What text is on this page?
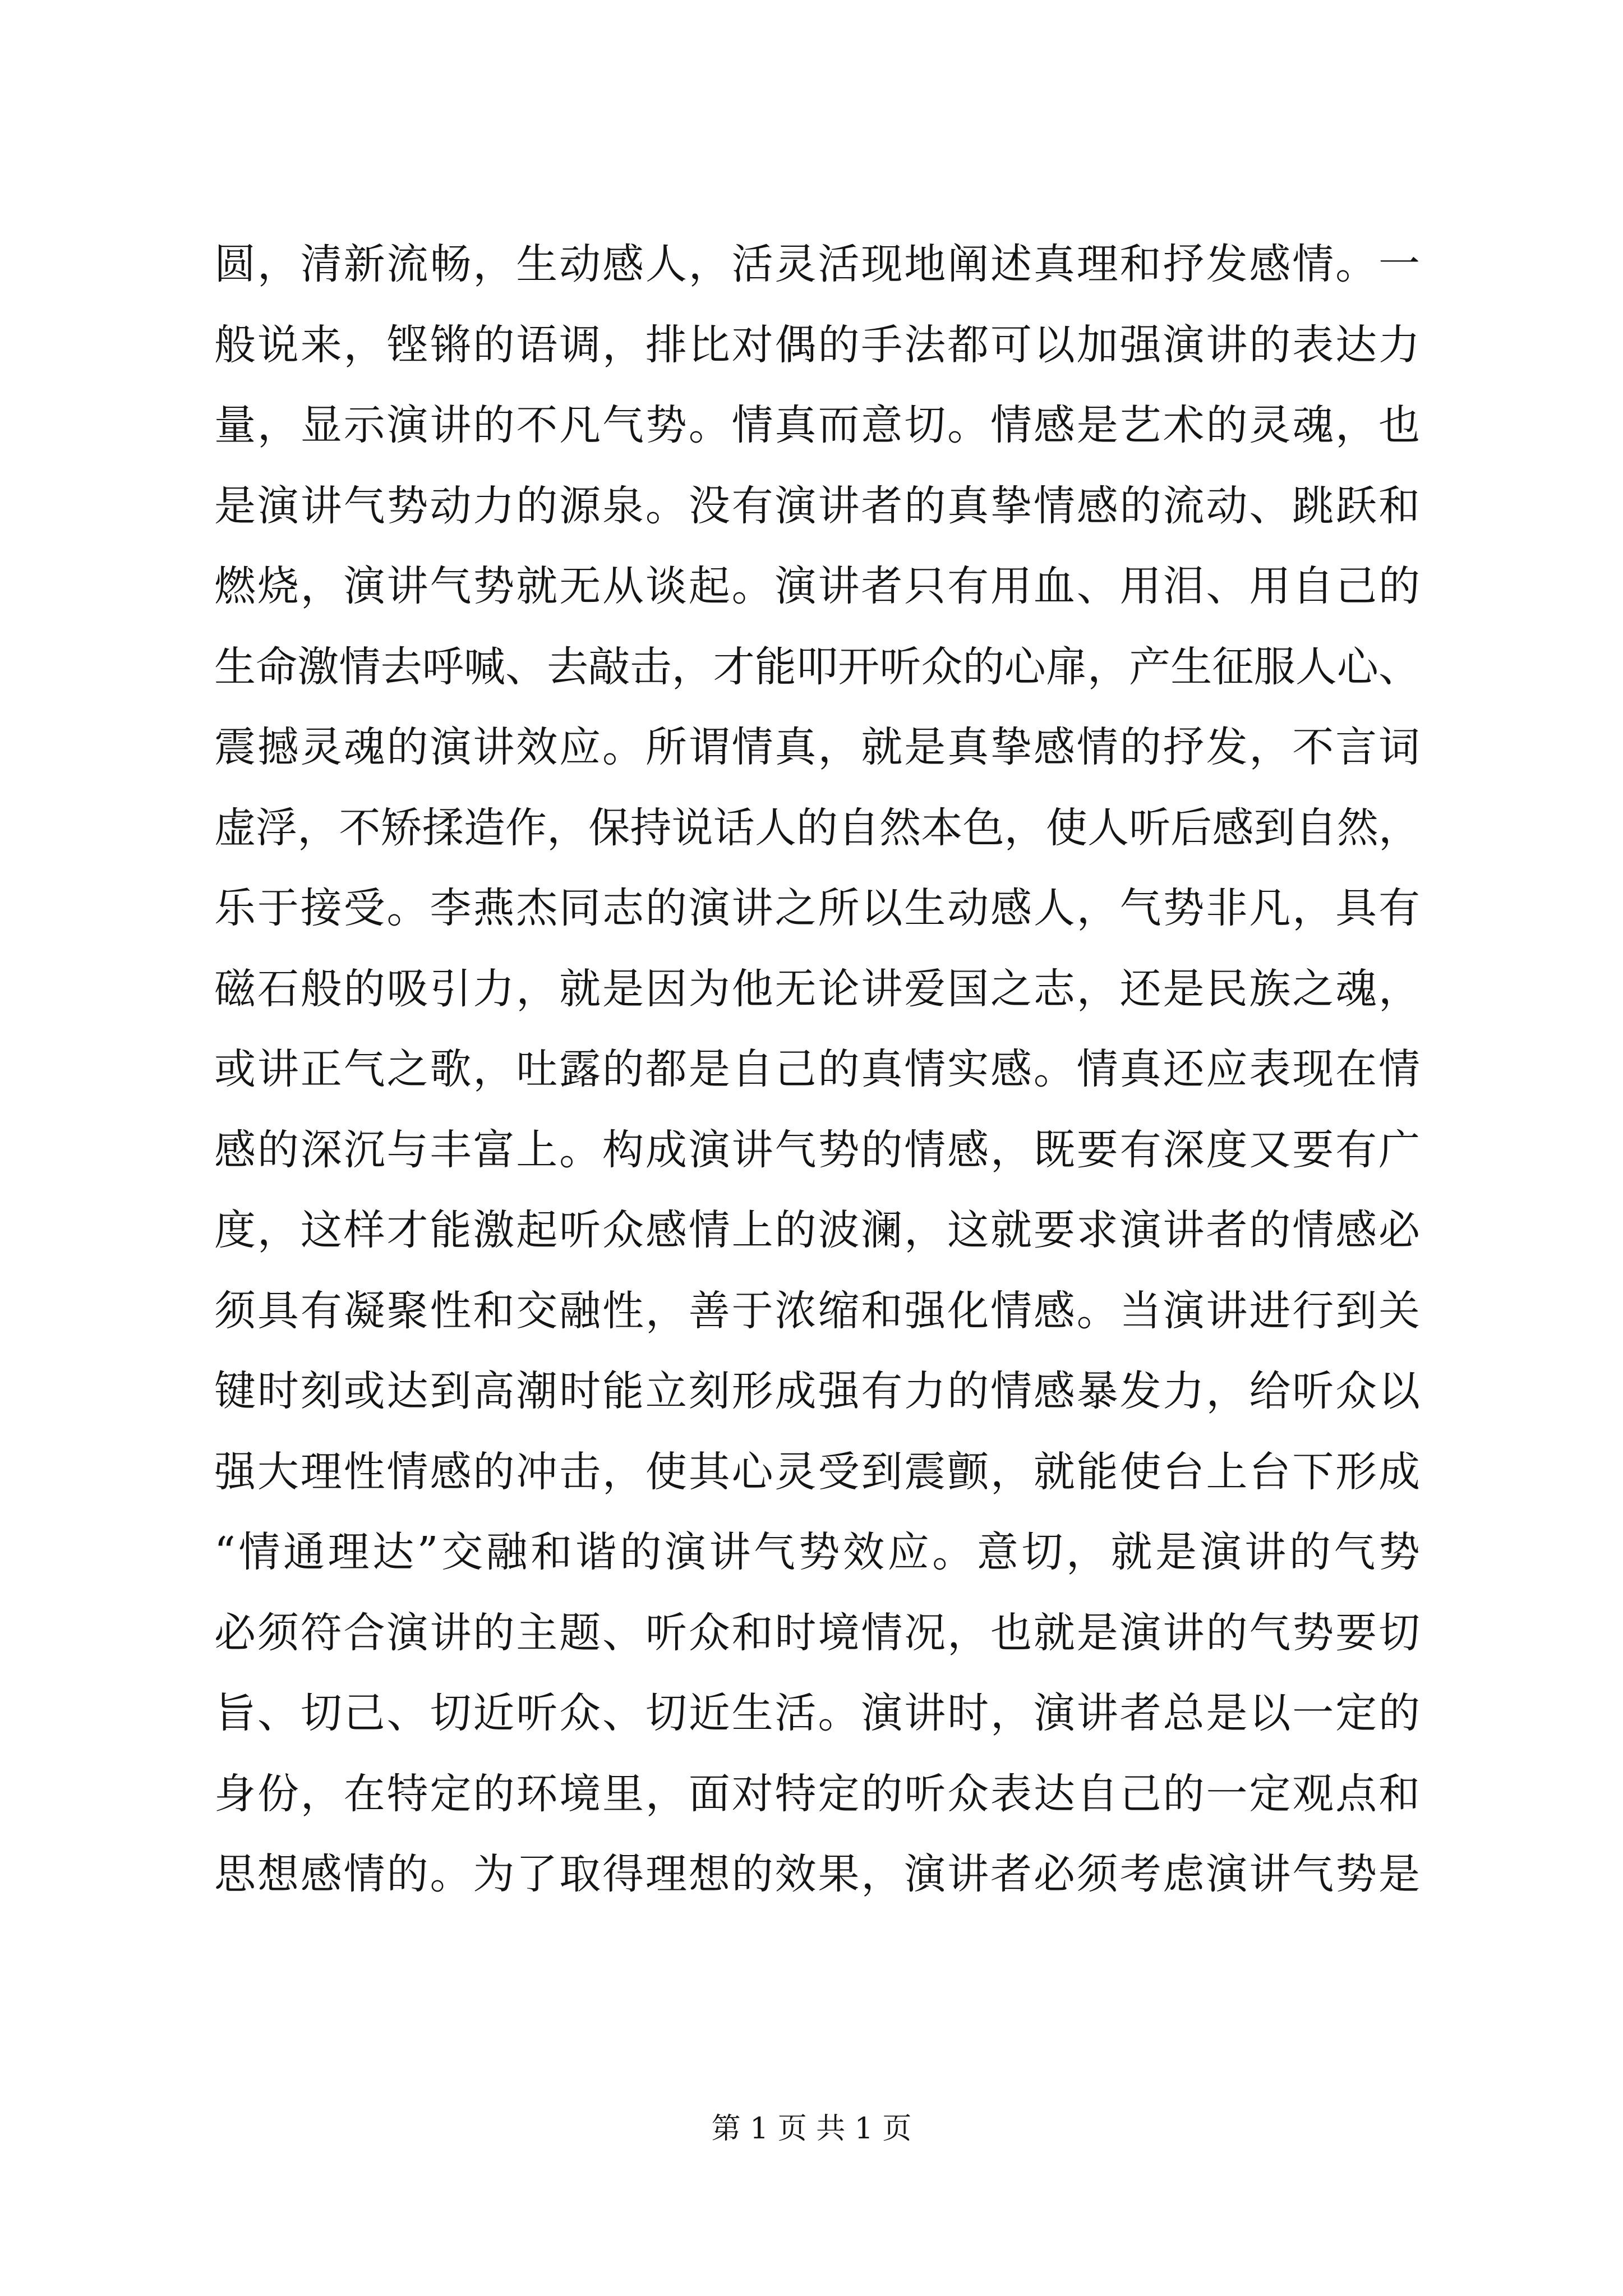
圆，清新流畅，生动感人，活灵活现地阐述真理和抒发感情。一
般说来，铿锵的语调，排比对偶的手法都可以加强演讲的表达力
量，显示演讲的不凡气势。情真而意切。情感是艺术的灵魂，也
是演讲气势动力的源泉。没有演讲者的真挚情感的流动、跳跃和
燃烧，演讲气势就无从谈起。演讲者只有用血、用泪、用自己的
生命激情去呼喊、去敲击，才能叩开听众的心扉，产生征服人心、
震撼灵魂的演讲效应。所谓情真，就是真挚感情的抒发，不言词
虚浮，不矫揉造作，保持说话人的自然本色，使人听后感到自然，
乐于接受。李燕杰同志的演讲之所以生动感人，气势非凡，具有
磁石般的吸引力，就是因为他无论讲爱国之志，还是民族之魂，
或讲正气之歌，吐露的都是自己的真情实感。情真还应表现在情
感的深沉与丰富上。构成演讲气势的情感，既要有深度又要有广
度，这样才能激起听众感情上的波澜，这就要求演讲者的情感必
须具有凝聚性和交融性，善于浓缩和强化情感。当演讲进行到关
键时刻或达到高潮时能立刻形成强有力的情感暴发力，给听众以
强大理性情感的冲击，使其心灵受到震颤，就能使台上台下形成
“情通理达”交融和谐的演讲气势效应。意切，就是演讲的气势
必须符合演讲的主题、听众和时境情况，也就是演讲的气势要切
旨、切己、切近听众、切近生活。演讲时，演讲者总是以一定的
身份，在特定的环境里，面对特定的听众表达自己的一定观点和
思想感情的。为了取得理想的效果，演讲者必须考虑演讲气势是
第 1 页 共 1 页
